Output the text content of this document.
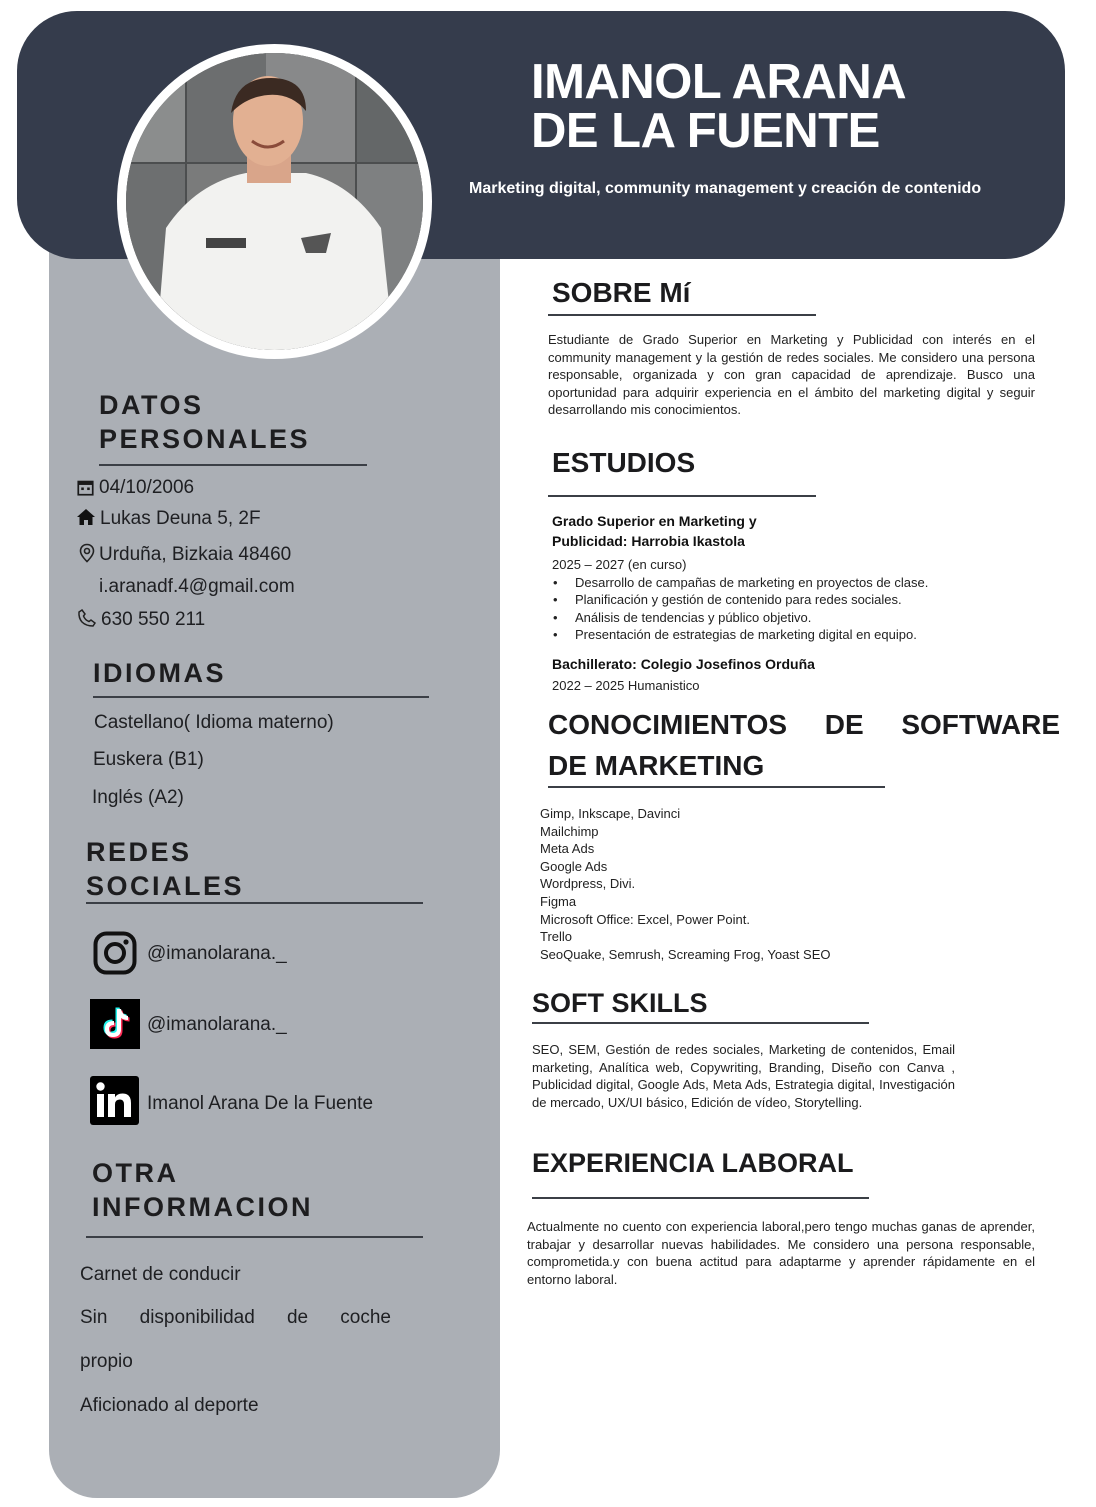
IMANOL ARANA
DE LA FUENTE
Marketing digital, community management y creación de contenido
DATOS
PERSONALES
04/10/2006
Lukas Deuna 5, 2F
Urduña, Bizkaia 48460
i.aranadf.4@gmail.com
630 550 211
IDIOMAS
Castellano( Idioma materno)
Euskera (B1)
Inglés (A2)
REDES
SOCIALES
@imanolarana._
@imanolarana._
Imanol Arana De la Fuente
OTRA
INFORMACION
Carnet de conducir
Sin disponibilidad de coche
propio
Aficionado al deporte
SOBRE Mí

Estudiante de Grado Superior en Marketing y Publicidad con interés en el community management y la gestión de redes sociales. Me considero una persona responsable, organizada y con gran capacidad de aprendizaje. Busco una oportunidad para adquirir experiencia en el ámbito del marketing digital y seguir desarrollando mis conocimientos.

ESTUDIOS
Grado Superior en Marketing y
Publicidad: Harrobia Ikastola
2025 – 2027 (en curso)
• Desarrollo de campañas de marketing en proyectos de clase.
• Planificación y gestión de contenido para redes sociales.
• Análisis de tendencias y público objetivo.
• Presentación de estrategias de marketing digital en equipo.
Bachillerato: Colegio Josefinos Orduña
2022 – 2025 Humanistico
CONOCIMIENTOS DE SOFTWARE
DE MARKETING
Gimp, Inkscape, Davinci
Mailchimp
Meta Ads
Google Ads
Wordpress, Divi.
Figma
Microsoft Office: Excel, Power Point.
Trello
SeoQuake, Semrush, Screaming Frog, Yoast SEO
SOFT SKILLS

SEO, SEM, Gestión de redes sociales, Marketing de contenidos, Email marketing, Analítica web, Copywriting, Branding, Diseño con Canva , Publicidad digital, Google Ads, Meta Ads, Estrategia digital, Investigación de mercado, UX/UI básico, Edición de vídeo, Storytelling.

EXPERIENCIA LABORAL

Actualmente no cuento con experiencia laboral,pero tengo muchas ganas de aprender, trabajar y desarrollar nuevas habilidades. Me considero una persona responsable, comprometida.y con buena actitud para adaptarme y aprender rápidamente en el entorno laboral.
